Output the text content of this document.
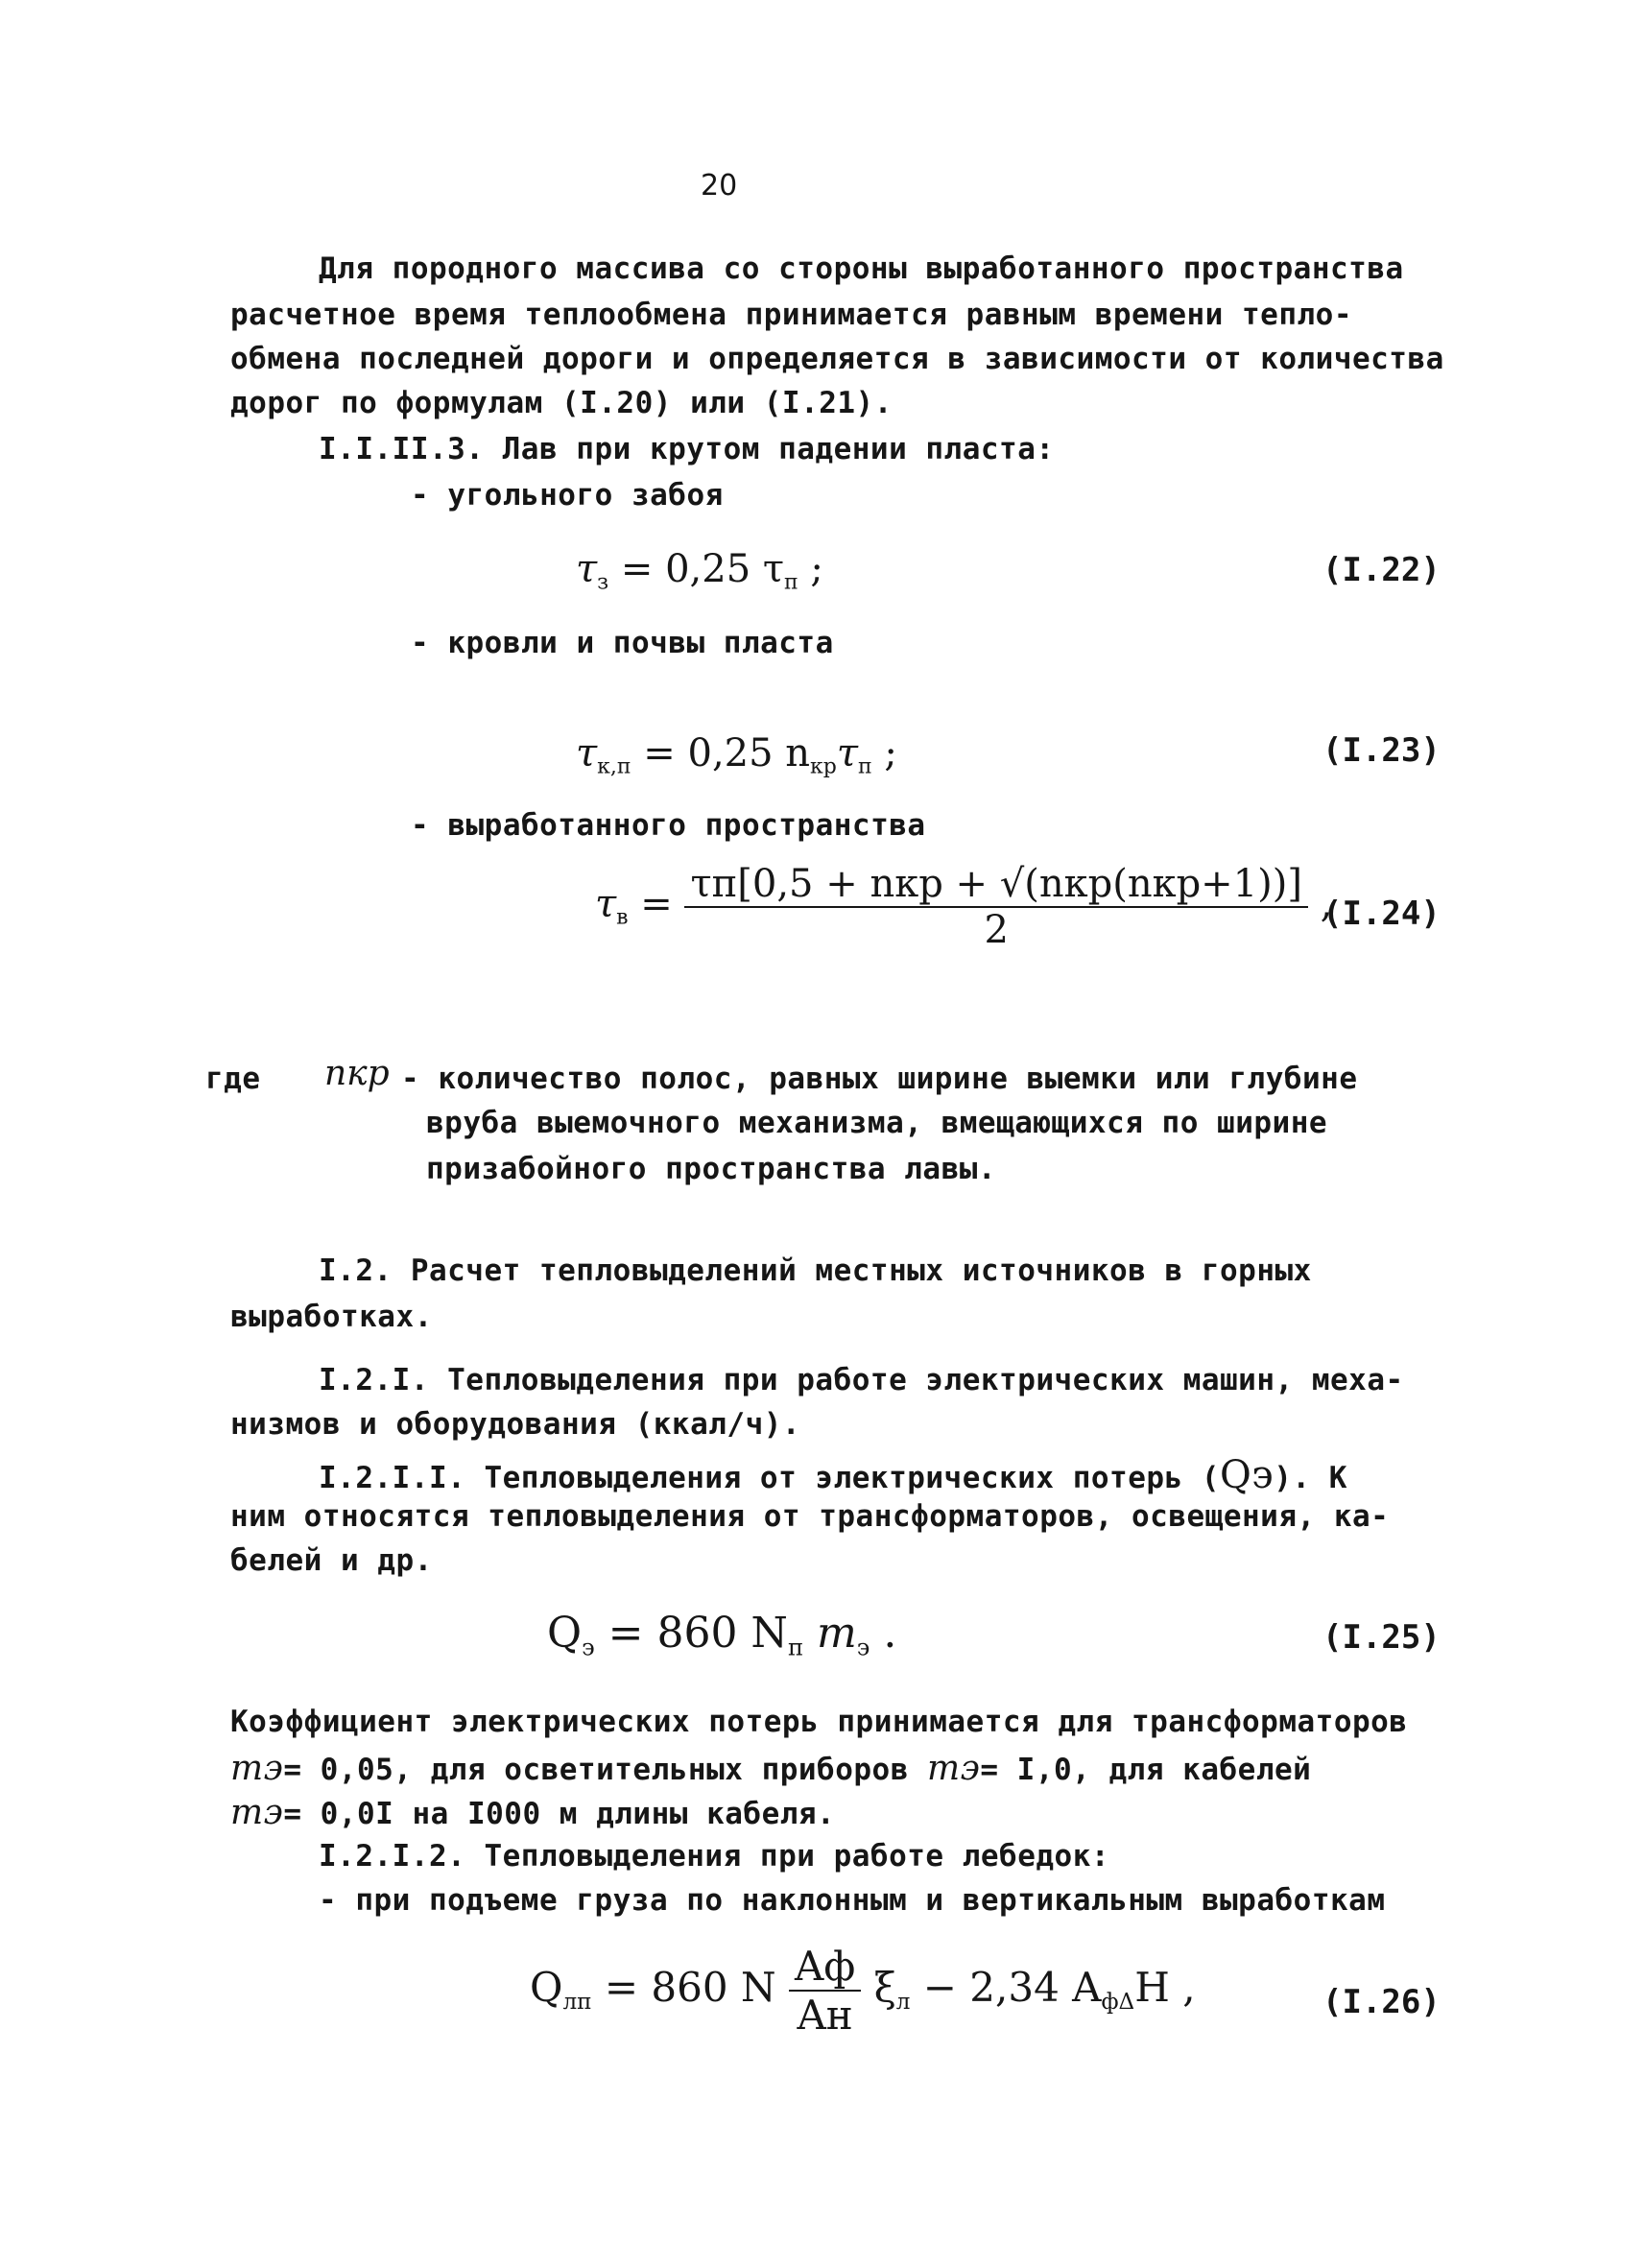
20
Для породного массива со стороны выработанного пространства
расчетное время теплообмена принимается равным времени тепло-
обмена последней дороги и определяется в зависимости от количества
дорог по формулам (I.20) или (I.21).
I.I.II.3. Лав при крутом падении пласта:
- угольного забоя
$\tau_з = 0,25$ $\tau_п$ ;	(I.22)
- кровли и почвы пласта
$\tau_{к,п} = 0,25$ $n_{кр}\tau_п$ ;	(I.23)
- выработанного пространства
$\tau_в = \frac{\text{τп[0,5 + nкр + √(nкр(nкр+1))]}}{2}$ ,
(I.24)
где nкр - количество полос, равных ширине выемки или глубине
вруба выемочного механизма, вмещающихся по ширине
призабойного пространства лавы.
I.2. Расчет тепловыделений местных источников в горных
выработках.
I.2.I. Тепловыделения при работе электрических машин, меха-
низмов и оборудования (ккал/ч).
I.2.I.I. Тепловыделения от электрических потерь (Qэ). К
ним относятся тепловыделения от трансформаторов, освещения, ка-
белей и др.
$Q_э = 860$ $N_п$ $m_э$ .	(I.25)
Коэффициент электрических потерь принимается для трансформаторов
mэ= 0,05, для осветительных приборов mэ= I,0, для кабелей
mэ= 0,0I на I000 м длины кабеля.
I.2.I.2. Тепловыделения при работе лебедок:
- при подъеме груза по наклонным и вертикальным выработкам
$Q_{лп} = 860$ N $\frac{Aф}{Aн} \xi_л - 2,34$ $A_{ф\Delta}H$ ,	(I.26)
